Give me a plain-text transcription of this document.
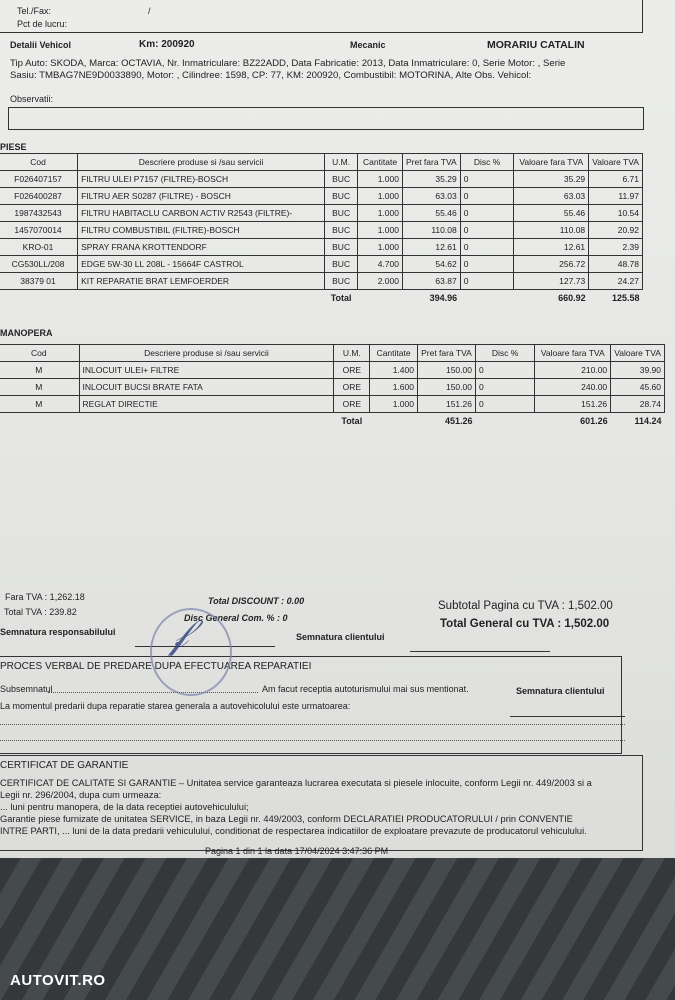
Tel./Fax:	/
Pct de lucru:
Detalii Vehicol	Km: 200920	Mecanic	MORARIU CATALIN
Tip Auto: SKODA, Marca: OCTAVIA, Nr. Inmatriculare: BZ22ADD, Data Fabricatie: 2013, Data Inmatriculare: 0, Serie Motor: , Serie
Sasiu: TMBAG7NE9D0033890, Motor: , Cilindree: 1598, CP: 77, KM: 200920, Combustibil: MOTORINA, Alte Obs. Vehicol:
Observatii:
PIESE
Cod	Descriere produse si /sau servicii	U.M.	Cantitate	Pret fara TVA	Disc %	Valoare fara TVA	Valoare TVA
F026407157	FILTRU ULEI P7157 (FILTRE)-BOSCH	BUC	1.000	35.29	0	35.29	6.71
F026400287	FILTRU AER S0287 (FILTRE) - BOSCH	BUC	1.000	63.03	0	63.03	11.97
1987432543	FILTRU HABITACLU CARBON ACTIV R2543 (FILTRE)-	BUC	1.000	55.46	0	55.46	10.54
1457070014	FILTRU COMBUSTIBIL (FILTRE)-BOSCH	BUC	1.000	110.08	0	110.08	20.92
KRO-01	SPRAY FRANA KROTTENDORF	BUC	1.000	12.61	0	12.61	2.39
CG530LL/208	EDGE 5W-30 LL 208L - 15664F CASTROL	BUC	4.700	54.62	0	256.72	48.78
38379 01	KIT REPARATIE BRAT LEMFOERDER	BUC	2.000	63.87	0	127.73	24.27
		Total		394.96		660.92	125.58
MANOPERA
Cod	Descriere produse si /sau servicii	U.M.	Cantitate	Pret fara TVA	Disc %	Valoare fara TVA	Valoare TVA
M	INLOCUIT ULEI+ FILTRE	ORE	1.400	150.00	0	210.00	39.90
M	INLOCUIT BUCSI BRATE FATA	ORE	1.600	150.00	0	240.00	45.60
M	REGLAT DIRECTIE	ORE	1.000	151.26	0	151.26	28.74
		Total		451.26		601.26	114.24
Fara TVA : 1,262.18
Total TVA : 239.82
Semnatura responsabilului
Total DISCOUNT : 0.00
Disc General Com. % : 0
Semnatura clientului
Subtotal Pagina cu TVA : 1,502.00
Total General cu TVA : 1,502.00
PROCES VERBAL DE PREDARE DUPA EFECTUAREA REPARATIEI
Subsemnatul	Am facut receptia autoturismului mai sus mentionat.	Semnatura clientului
La momentul predarii dupa reparatie starea generala a autovehicolului este urmatoarea:
CERTIFICAT DE GARANTIE
CERTIFICAT DE CALITATE SI GARANTIE – Unitatea service garanteaza lucrarea executata si piesele inlocuite, conform Legii nr. 449/2003 si a
Legii nr. 296/2004, dupa cum urmeaza:
... luni pentru manopera, de la data receptiei autovehiculului;
Garantie piese furnizate de unitatea SERVICE, in baza Legii nr. 449/2003, conform DECLARATIEI PRODUCATORULUI / prin CONVENTIE
INTRE PARTI, ... luni de la data predarii vehiculului, conditionat de respectarea indicatiilor de exploatare prevazute de producatorul vehiculului.
Pagina 1 din 1 la data 17/04/2024 3:47:36 PM
𝒻
AUTOVIT.RO
